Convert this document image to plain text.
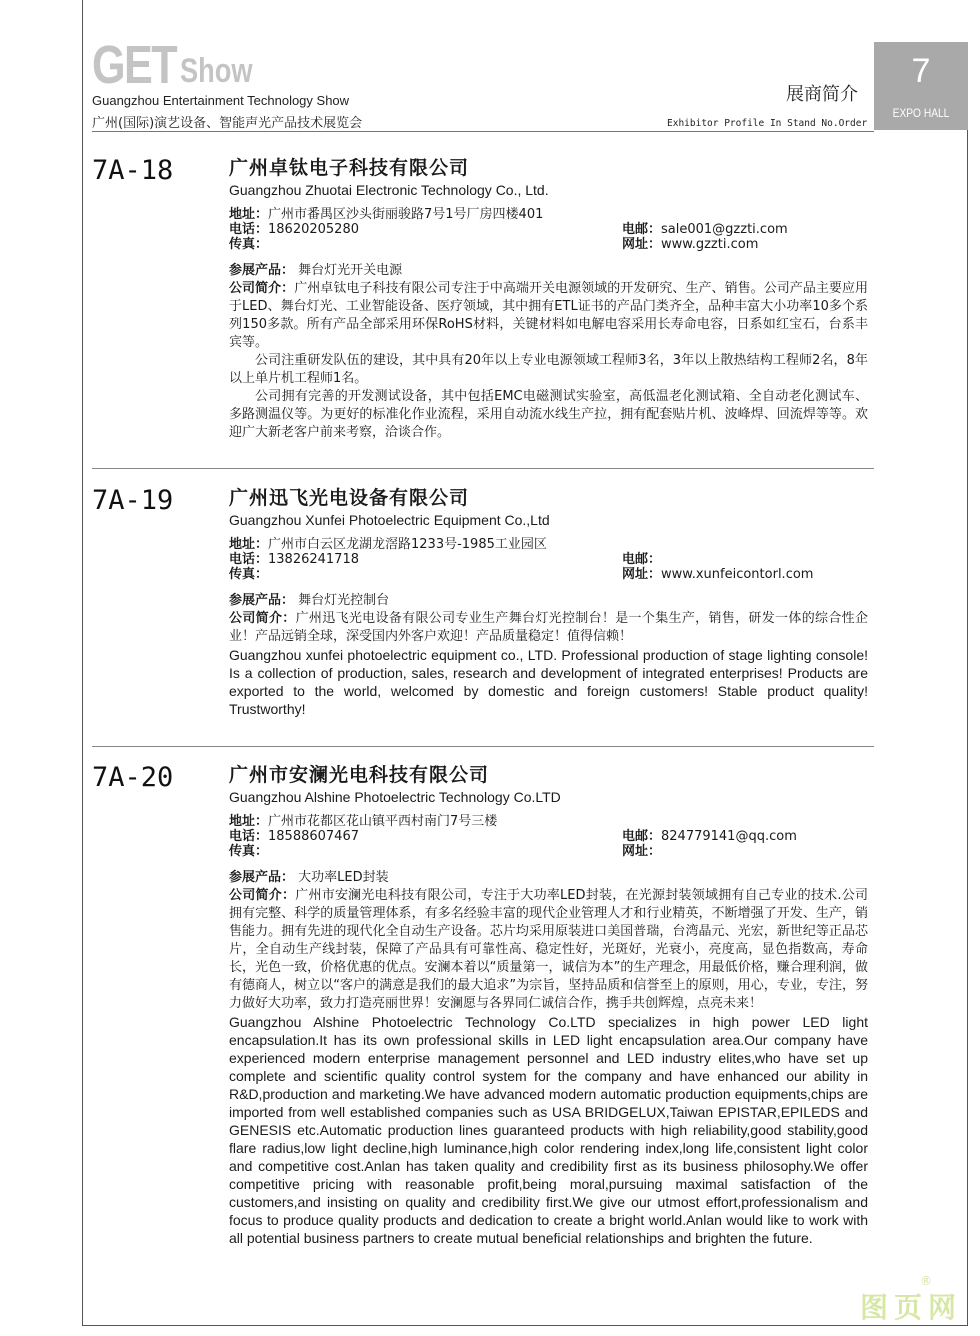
GET Show
Guangzhou Entertainment Technology Show
广州(国际)演艺设备、智能声光产品技术展览会
展商简介
Exhibitor Profile In Stand No.Order
7
EXPO HALL
7A-18	广州卓钛电子科技有限公司
Guangzhou Zhuotai Electronic Technology Co., Ltd.
地址：广州市番禺区沙头街丽骏路7号1号厂房四楼401
电话：18620205280	电邮：sale001@gzzti.com
传真：	网址：www.gzzti.com

参展产品： 舞台灯光开关电源

公司简介：广州卓钛电子科技有限公司专注于中高端开关电源领域的开发研究、生产、销售。公司产品主要应用于LED、舞台灯光、工业智能设备、医疗领域，其中拥有ETL证书的产品门类齐全，品种丰富大小功率10多个系列150多款。所有产品全部采用环保RoHS材料，关键材料如电解电容采用长寿命电容，日系如红宝石，台系丰宾等。

公司注重研发队伍的建设，其中具有20年以上专业电源领域工程师3名，3年以上散热结构工程师2名，8年以上单片机工程师1名。

公司拥有完善的开发测试设备，其中包括EMC电磁测试实验室，高低温老化测试箱、全自动老化测试车、多路测温仪等。为更好的标准化作业流程，采用自动流水线生产拉，拥有配套贴片机、波峰焊、回流焊等等。欢迎广大新老客户前来考察，洽谈合作。

7A-19	广州迅飞光电设备有限公司
Guangzhou Xunfei Photoelectric Equipment Co.,Ltd
地址：广州市白云区龙湖龙滘路1233号-1985工业园区
电话：13826241718	电邮：
传真：	网址：www.xunfeicontorl.com

参展产品： 舞台灯光控制台

公司简介：广州迅飞光电设备有限公司专业生产舞台灯光控制台！是一个集生产，销售，研发一体的综合性企业！产品远销全球，深受国内外客户欢迎！产品质量稳定！值得信赖！

Guangzhou xunfei photoelectric equipment co., LTD. Professional production of stage lighting console! Is a collection of production, sales, research and development of integrated enterprises! Products are exported to the world, welcomed by domestic and foreign customers! Stable product quality! Trustworthy!
7A-20	广州市安澜光电科技有限公司
Guangzhou Alshine Photoelectric Technology Co.LTD
地址：广州市花都区花山镇平西村南门7号三楼
电话：18588607467	电邮：824779141@qq.com
传真：	网址：

参展产品： 大功率LED封装

公司简介：广州市安澜光电科技有限公司，专注于大功率LED封装，在光源封装领域拥有自己专业的技术.公司拥有完整、科学的质量管理体系，有多名经验丰富的现代企业管理人才和行业精英，不断增强了开发、生产，销售能力。拥有先进的现代化全自动生产设备。芯片均采用原装进口美国普瑞，台湾晶元、光宏，新世纪等正品芯片，全自动生产线封装，保障了产品具有可靠性高、稳定性好，光斑好，光衰小，亮度高，显色指数高，寿命长，光色一致，价格优惠的优点。安澜本着以“质量第一，诚信为本”的生产理念，用最低价格，赚合理利润，做有德商人，树立以“客户的满意是我们的最大追求”为宗旨，坚持品质和信誉至上的原则，用心，专业，专注，努力做好大功率，致力打造亮丽世界！安澜愿与各界同仁诚信合作，携手共创辉煌，点亮未来！

Guangzhou Alshine Photoelectric Technology Co.LTD specializes in high power LED light encapsulation.It has its own professional skills in LED light encapsulation area.Our company have experienced modern enterprise management personnel and LED industry elites,who have set up complete and scientific quality control system for the company and have enhanced our ability in R&D,production and marketing.We have advanced modern automatic production equipments,chips are imported from well established companies such as USA BRIDGELUX,Taiwan EPISTAR,EPILEDS and GENESIS etc.Automatic production lines guaranteed products with high reliability,good stability,good flare radius,low light decline,high luminance,high color rendering index,long life,consistent light color and competitive cost.Anlan has taken quality and credibility first as its business philosophy.We offer competitive pricing with reasonable profit,being moral,pursuing maximal satisfaction of the customers,and insisting on quality and credibility first.We give our utmost effort,professionalism and focus to produce quality products and dedication to create a bright world.Anlan would like to work with all potential business partners to create mutual beneficial relationships and brighten the future.
图页网
®
